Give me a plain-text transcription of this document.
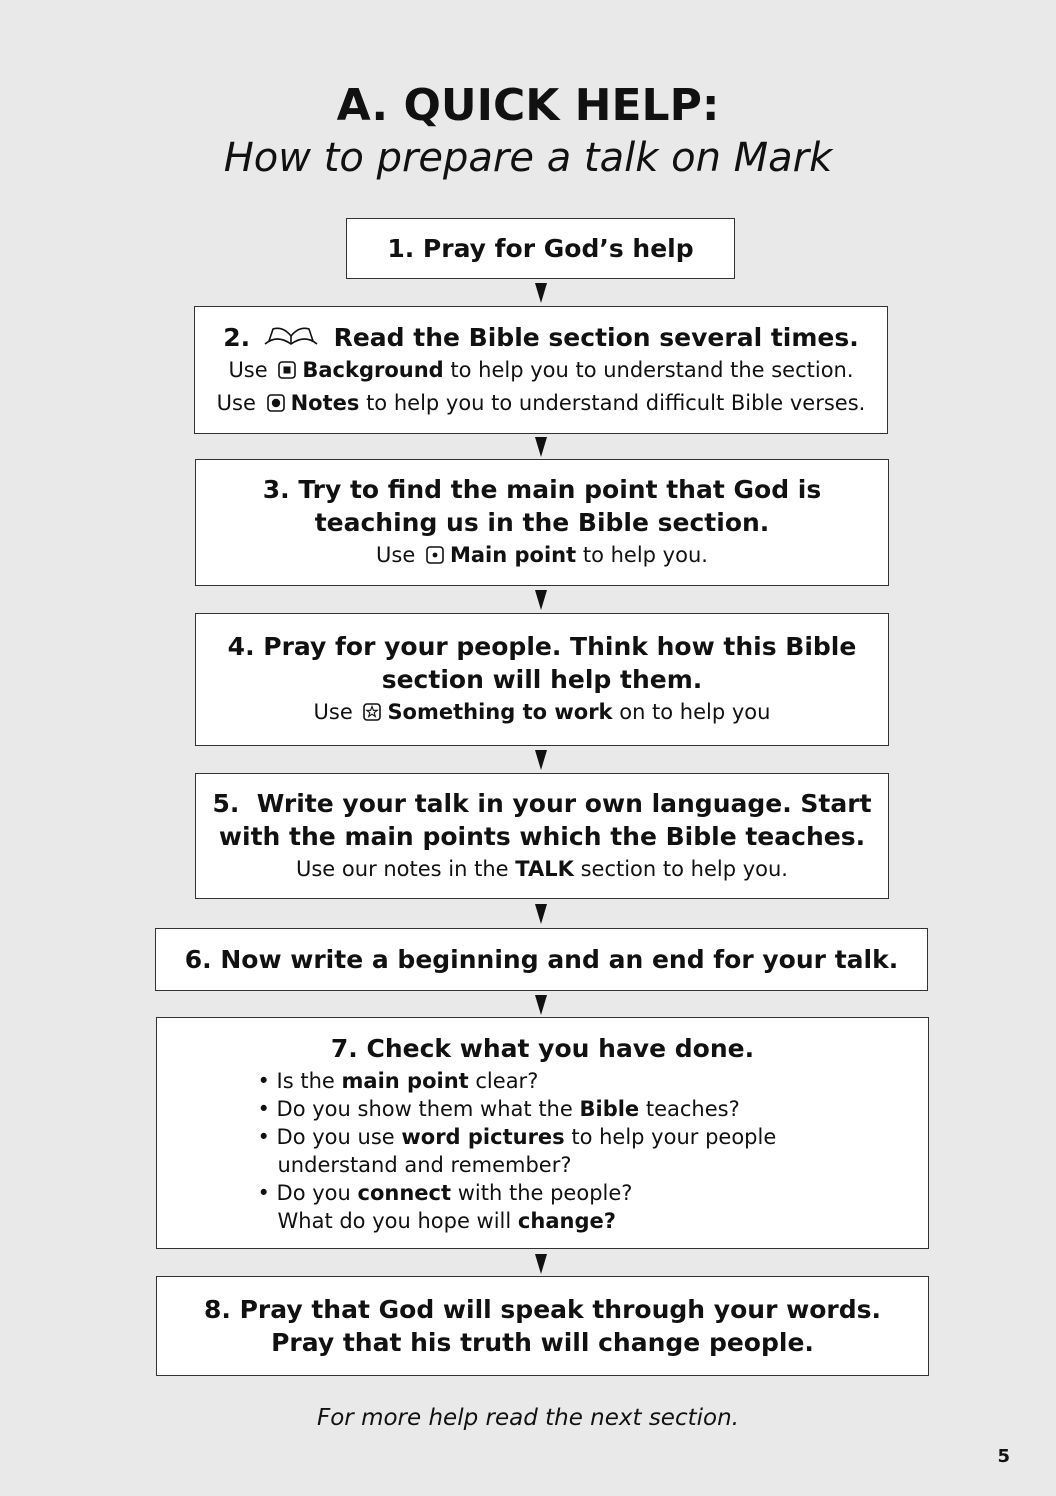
A. QUICK HELP:
How to prepare a talk on Mark
1. Pray for God’s help
2.	Read the Bible section several times.
Use Background to help you to understand the section.
Use Notes to help you to understand difficult Bible verses.
3. Try to find the main point that God is
teaching us in the Bible section.
Use Main point to help you.
4. Pray for your people. Think how this Bible
section will help them.
Use Something to work on to help you
5.  Write your talk in your own language. Start
with the main points which the Bible teaches.
Use our notes in the TALK section to help you.
6. Now write a beginning and an end for your talk.
7. Check what you have done.
• Is the main point clear?
• Do you show them what the Bible teaches?
• Do you use word pictures to help your people understand and remember?
• Do you connect with the people?
What do you hope will change?
8. Pray that God will speak through your words.
Pray that his truth will change people.
For more help read the next section.
5
